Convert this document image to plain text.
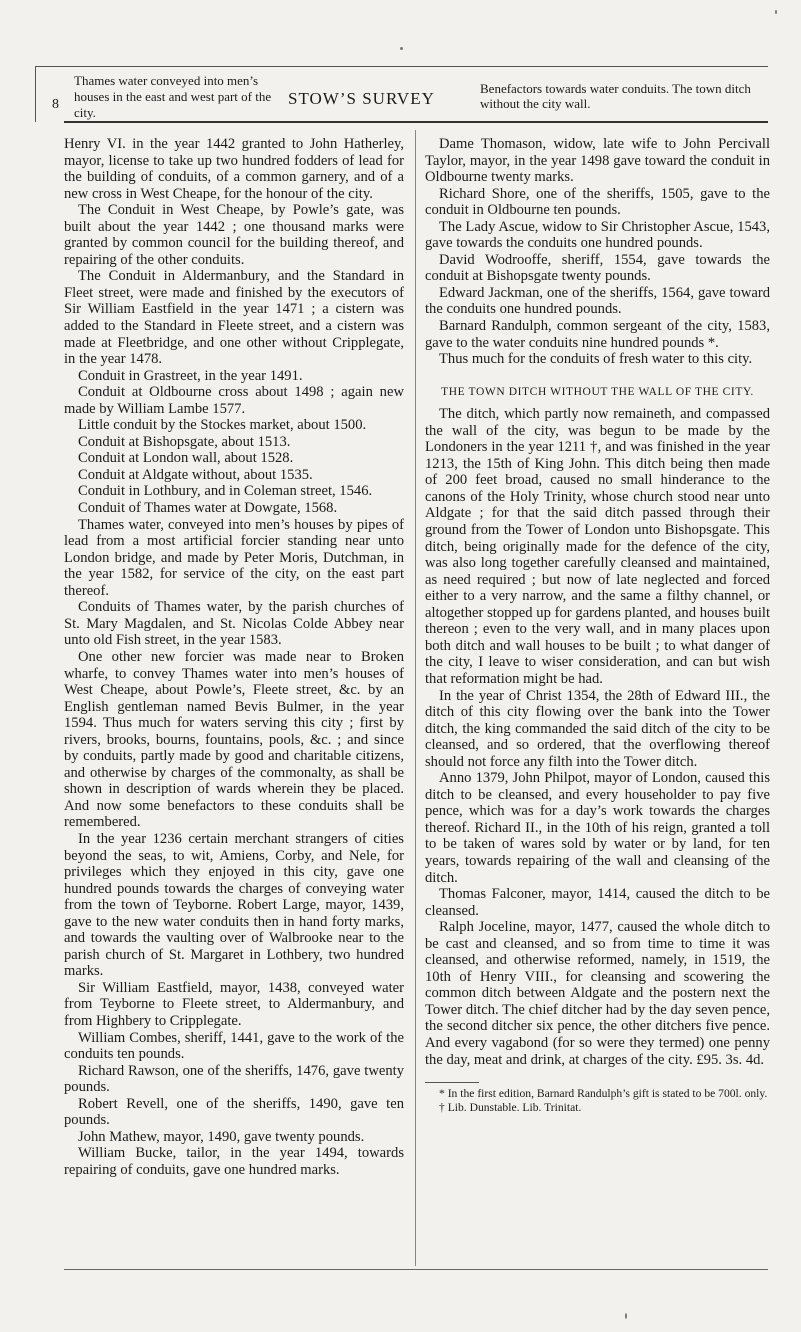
8
Thames water conveyed into men’s houses in the east and west part of the city.
STOW’S SURVEY
Benefactors towards water conduits. The town ditch without the city wall.

Henry VI. in the year 1442 granted to John Hatherley, mayor, license to take up two hundred fodders of lead for the building of conduits, of a common garnery, and of a new cross in West Cheape, for the honour of the city.

The Conduit in West Cheape, by Powle’s gate, was built about the year 1442 ; one thousand marks were granted by common council for the building thereof, and repairing of the other conduits.

The Conduit in Aldermanbury, and the Standard in Fleet street, were made and finished by the executors of Sir William Eastfield in the year 1471 ; a cistern was added to the Standard in Fleete street, and a cistern was made at Fleetbridge, and one other without Cripplegate, in the year 1478.

Conduit in Grastreet, in the year 1491.

Conduit at Oldbourne cross about 1498 ; again new made by William Lambe 1577.

Little conduit by the Stockes market, about 1500.

Conduit at Bishopsgate, about 1513.

Conduit at London wall, about 1528.

Conduit at Aldgate without, about 1535.

Conduit in Lothbury, and in Coleman street, 1546.

Conduit of Thames water at Dowgate, 1568.

Thames water, conveyed into men’s houses by pipes of lead from a most artificial forcier standing near unto London bridge, and made by Peter Moris, Dutchman, in the year 1582, for service of the city, on the east part thereof.

Conduits of Thames water, by the parish churches of St. Mary Magdalen, and St. Nicolas Colde Abbey near unto old Fish street, in the year 1583.

One other new forcier was made near to Broken wharfe, to convey Thames water into men’s houses of West Cheape, about Powle’s, Fleete street, &c. by an English gentleman named Bevis Bulmer, in the year 1594. Thus much for waters serving this city ; first by rivers, brooks, bourns, fountains, pools, &c. ; and since by conduits, partly made by good and charitable citizens, and otherwise by charges of the commonalty, as shall be shown in description of wards wherein they be placed. And now some benefactors to these conduits shall be remembered.

In the year 1236 certain merchant strangers of cities beyond the seas, to wit, Amiens, Corby, and Nele, for privileges which they enjoyed in this city, gave one hundred pounds towards the charges of conveying water from the town of Teyborne. Robert Large, mayor, 1439, gave to the new water conduits then in hand forty marks, and towards the vaulting over of Walbrooke near to the parish church of St. Margaret in Lothbery, two hundred marks.

Sir William Eastfield, mayor, 1438, conveyed water from Teyborne to Fleete street, to Aldermanbury, and from Highbery to Cripplegate.

William Combes, sheriff, 1441, gave to the work of the conduits ten pounds.

Richard Rawson, one of the sheriffs, 1476, gave twenty pounds.

Robert Revell, one of the sheriffs, 1490, gave ten pounds.

John Mathew, mayor, 1490, gave twenty pounds.

William Bucke, tailor, in the year 1494, towards repairing of conduits, gave one hundred marks.

Dame Thomason, widow, late wife to John Percivall Taylor, mayor, in the year 1498 gave toward the conduit in Oldbourne twenty marks.

Richard Shore, one of the sheriffs, 1505, gave to the conduit in Oldbourne ten pounds.

The Lady Ascue, widow to Sir Christopher Ascue, 1543, gave towards the conduits one hundred pounds.

David Wodrooffe, sheriff, 1554, gave towards the conduit at Bishopsgate twenty pounds.

Edward Jackman, one of the sheriffs, 1564, gave toward the conduits one hundred pounds.

Barnard Randulph, common sergeant of the city, 1583, gave to the water conduits nine hundred pounds *.

Thus much for the conduits of fresh water to this city.

THE TOWN DITCH WITHOUT THE WALL OF THE CITY.

The ditch, which partly now remaineth, and compassed the wall of the city, was begun to be made by the Londoners in the year 1211 †, and was finished in the year 1213, the 15th of King John. This ditch being then made of 200 feet broad, caused no small hinderance to the canons of the Holy Trinity, whose church stood near unto Aldgate ; for that the said ditch passed through their ground from the Tower of London unto Bishopsgate. This ditch, being originally made for the defence of the city, was also long together carefully cleansed and maintained, as need required ; but now of late neglected and forced either to a very narrow, and the same a filthy channel, or altogether stopped up for gardens planted, and houses built thereon ; even to the very wall, and in many places upon both ditch and wall houses to be built ; to what danger of the city, I leave to wiser consideration, and can but wish that reformation might be had.

In the year of Christ 1354, the 28th of Edward III., the ditch of this city flowing over the bank into the Tower ditch, the king commanded the said ditch of the city to be cleansed, and so ordered, that the overflowing thereof should not force any filth into the Tower ditch.

Anno 1379, John Philpot, mayor of London, caused this ditch to be cleansed, and every householder to pay five pence, which was for a day’s work towards the charges thereof. Richard II., in the 10th of his reign, granted a toll to be taken of wares sold by water or by land, for ten years, towards repairing of the wall and cleansing of the ditch.

Thomas Falconer, mayor, 1414, caused the ditch to be cleansed.

Ralph Joceline, mayor, 1477, caused the whole ditch to be cast and cleansed, and so from time to time it was cleansed, and otherwise reformed, namely, in 1519, the 10th of Henry VIII., for cleansing and scowering the common ditch between Aldgate and the postern next the Tower ditch. The chief ditcher had by the day seven pence, the second ditcher six pence, the other ditchers five pence. And every vagabond (for so were they termed) one penny the day, meat and drink, at charges of the city. £95. 3s. 4d.

* In the first edition, Barnard Randulph’s gift is stated to be 700l. only.

† Lib. Dunstable. Lib. Trinitat.
